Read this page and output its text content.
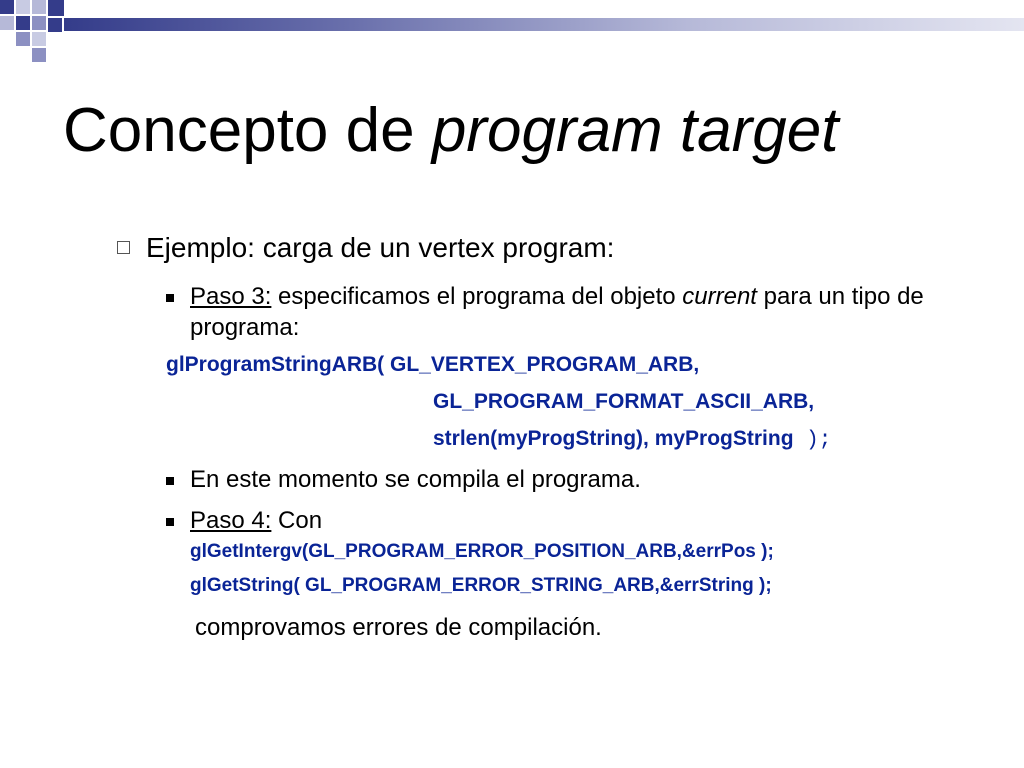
Concepto de program target
Ejemplo: carga de un vertex program:
Paso 3: especificamos el programa del objeto current para un tipo de programa:
glProgramStringARB( GL_VERTEX_PROGRAM_ARB,
GL_PROGRAM_FORMAT_ASCII_ARB,
strlen(myProgString), myProgString );
En este momento se compila el programa.
Paso 4: Con
glGetIntergv(GL_PROGRAM_ERROR_POSITION_ARB,&errPos );
glGetString( GL_PROGRAM_ERROR_STRING_ARB,&errString );
comprovamos errores de compilación.
